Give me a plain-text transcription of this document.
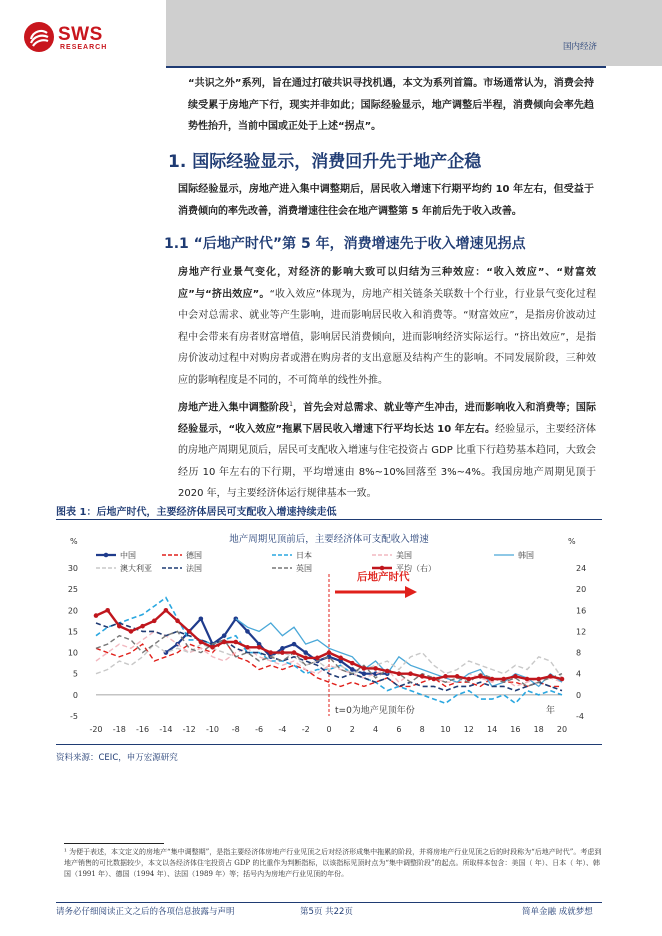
SWS
RESEARCH	国内经济
“共识之外”系列，旨在通过打破共识寻找机遇，本文为系列首篇。市场通常认为，消费会持续受累于房地产下行，现实并非如此；国际经验显示，地产调整后半程，消费倾向会率先趋势性抬升，当前中国或正处于上述“拐点”。
1. 国际经验显示，消费回升先于地产企稳
国际经验显示，房地产进入集中调整期后，居民收入增速下行期平均约 10 年左右，但受益于消费倾向的率先改善，消费增速往往会在地产调整第 5 年前后先于收入改善。
1.1 “后地产时代”第 5 年，消费增速先于收入增速见拐点
房地产行业景气变化，对经济的影响大致可以归结为三种效应：“收入效应”、“财富效应”与“挤出效应”。“收入效应”体现为，房地产相关链条关联数十个行业，行业景气变化过程中会对总需求、就业等产生影响，进而影响居民收入和消费等。“财富效应”，是指房价波动过程中会带来有房者财富增值，影响居民消费倾向，进而影响经济实际运行。“挤出效应”，是指房价波动过程中对购房者或潜在购房者的支出意愿及结构产生的影响。不同发展阶段，三种效应的影响程度是不同的，不可简单的线性外推。
房地产进入集中调整阶段$^1$，首先会对总需求、就业等产生冲击，进而影响收入和消费等；国际经验显示，“收入效应”拖累下居民收入增速下行平均长达 10 年左右。经验显示，主要经济体的房地产周期见顶后，居民可支配收入增速与住宅投资占 GDP 比重下行趋势基本趋同，大致会经历 10 年左右的下行期，平均增速由 8%~10%回落至 3%~4%。我国房地产周期见顶于 2020 年，与主要经济体运行规律基本一致。
图表 1：后地产时代，主要经济体居民可支配收入增速持续走低
地产周期见顶前后，主要经济体可支配收入增速
%	%
-5
0
5
10
15
20
25
30
-4
0
4
8
12
16
20
24
-20 -18 -16 -14 -12 -10 -8 -6 -4 -2 0 2 4 6 8 10 12 14 16 18 20
年
t=0为地产见顶年份
后地产时代
中国	德国	日本	美国	韩国
澳大利亚	法国	英国	平均（右）
资料来源：CEIC，申万宏源研究
¹ 为便于表述，本文定义的房地产“集中调整期”，是指主要经济体房地产行业见顶之后对经济形成集中拖累的阶段，并将房地产行业见顶之后的时段称为“后地产时代”。考虑到地产销售的可比数据较少，本文以各经济体住宅投资占 GDP 的比重作为判断指标，以该指标见顶时点为“集中调整阶段”的起点。所取样本包含：美国（ 年）、日本（ 年）、韩国（1991 年）、德国（1994 年）、法国（1989 年）等；括号内为房地产行业见顶的年份。
请务必仔细阅读正文之后的各项信息披露与声明	第5页 共22页	简单金融 成就梦想
